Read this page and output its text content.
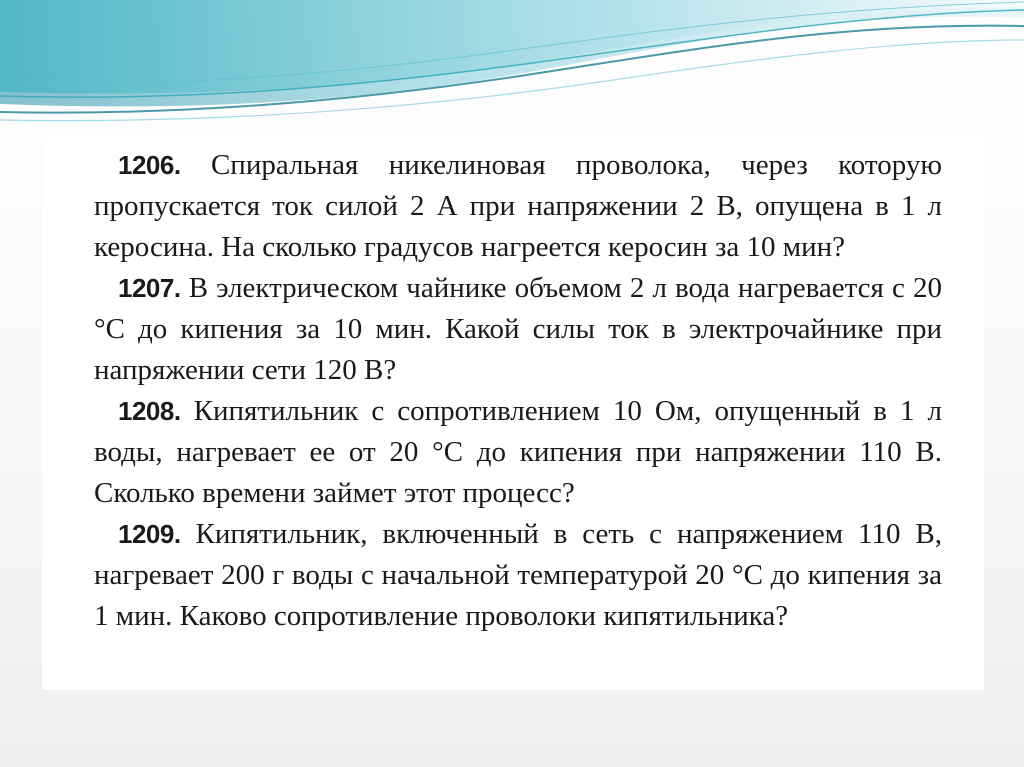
1206. Спиральная никелиновая проволока, через которую пропускается ток силой 2 А при напряжении 2 В, опущена в 1 л керосина. На сколько градусов нагреется керосин за 10 мин?

1207. В электрическом чайнике объемом 2 л вода нагревается с 20 °С до кипения за 10 мин. Какой силы ток в электрочайнике при напряжении сети 120 В?

1208. Кипятильник с сопротивлением 10 Ом, опущенный в 1 л воды, нагревает ее от 20 °С до кипения при напряжении 110 В. Сколько времени займет этот процесс?

1209. Кипятильник, включенный в сеть с напряжением 110 В, нагревает 200 г воды с начальной температурой 20 °С до кипения за 1 мин. Каково сопротивление проволоки кипятильника?
